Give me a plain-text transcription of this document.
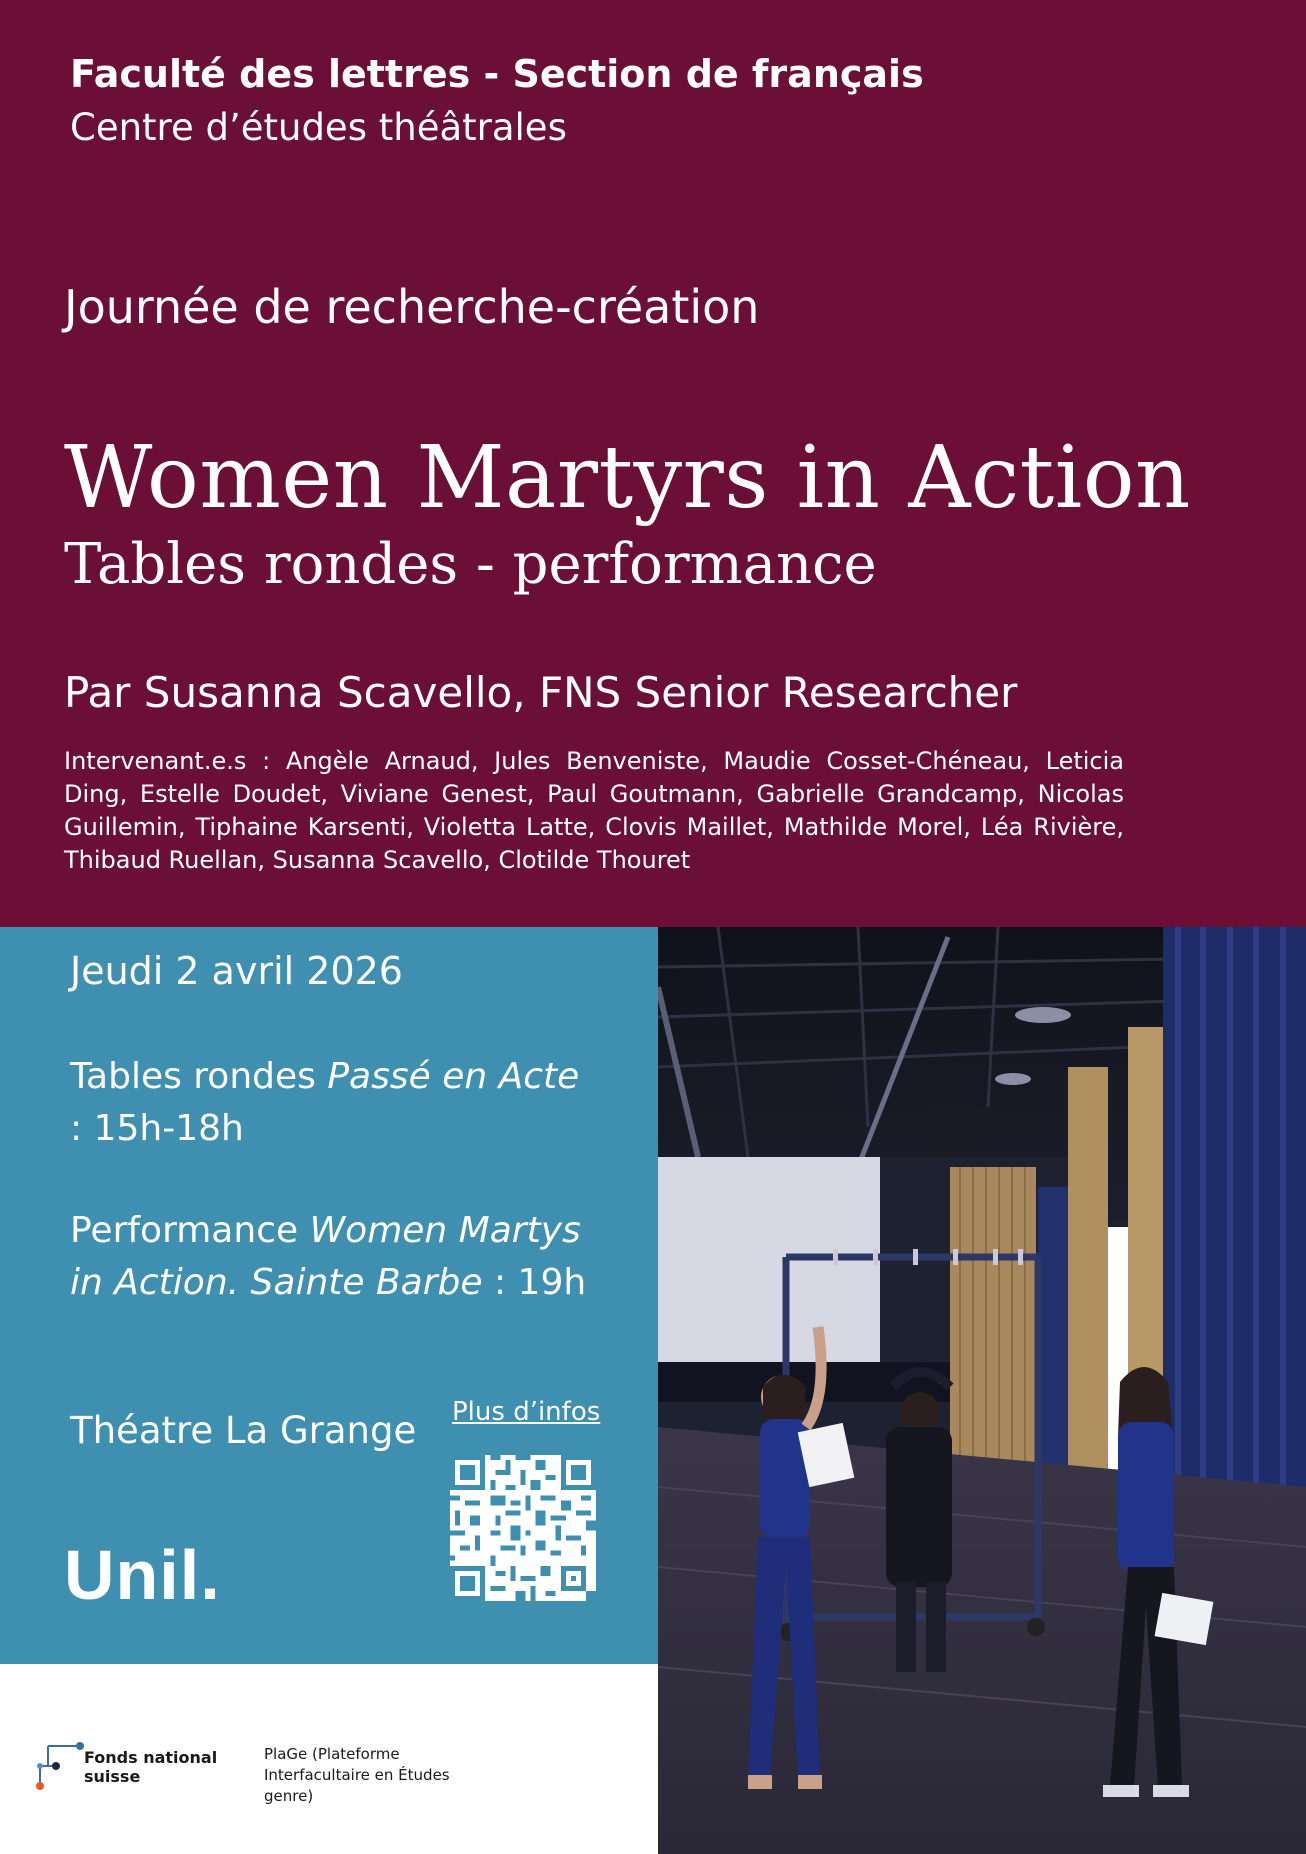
Faculté des lettres - Section de français
Centre d’études théâtrales
Journée de recherche-création
Women Martyrs in Action
Tables rondes - performance
Par Susanna Scavello, FNS Senior Researcher
Intervenant.e.s : Angèle Arnaud, Jules Benveniste, Maudie Cosset-Chéneau, Leticia Ding, Estelle Doudet, Viviane Genest, Paul Goutmann, Gabrielle Grandcamp, Nicolas Guillemin, Tiphaine Karsenti, Violetta Latte, Clovis Maillet, Mathilde Morel, Léa Rivière, Thibaud Ruellan, Susanna Scavello, Clotilde Thouret
Jeudi 2 avril 2026
Tables rondes Passé en Acte : 15h-18h
Performance Women Martys in Action. Sainte Barbe : 19h
Théatre La Grange Plus d’infos
Unil.
Fonds national suisse
PlaGe (Plateforme Interfacultaire en Études genre)
